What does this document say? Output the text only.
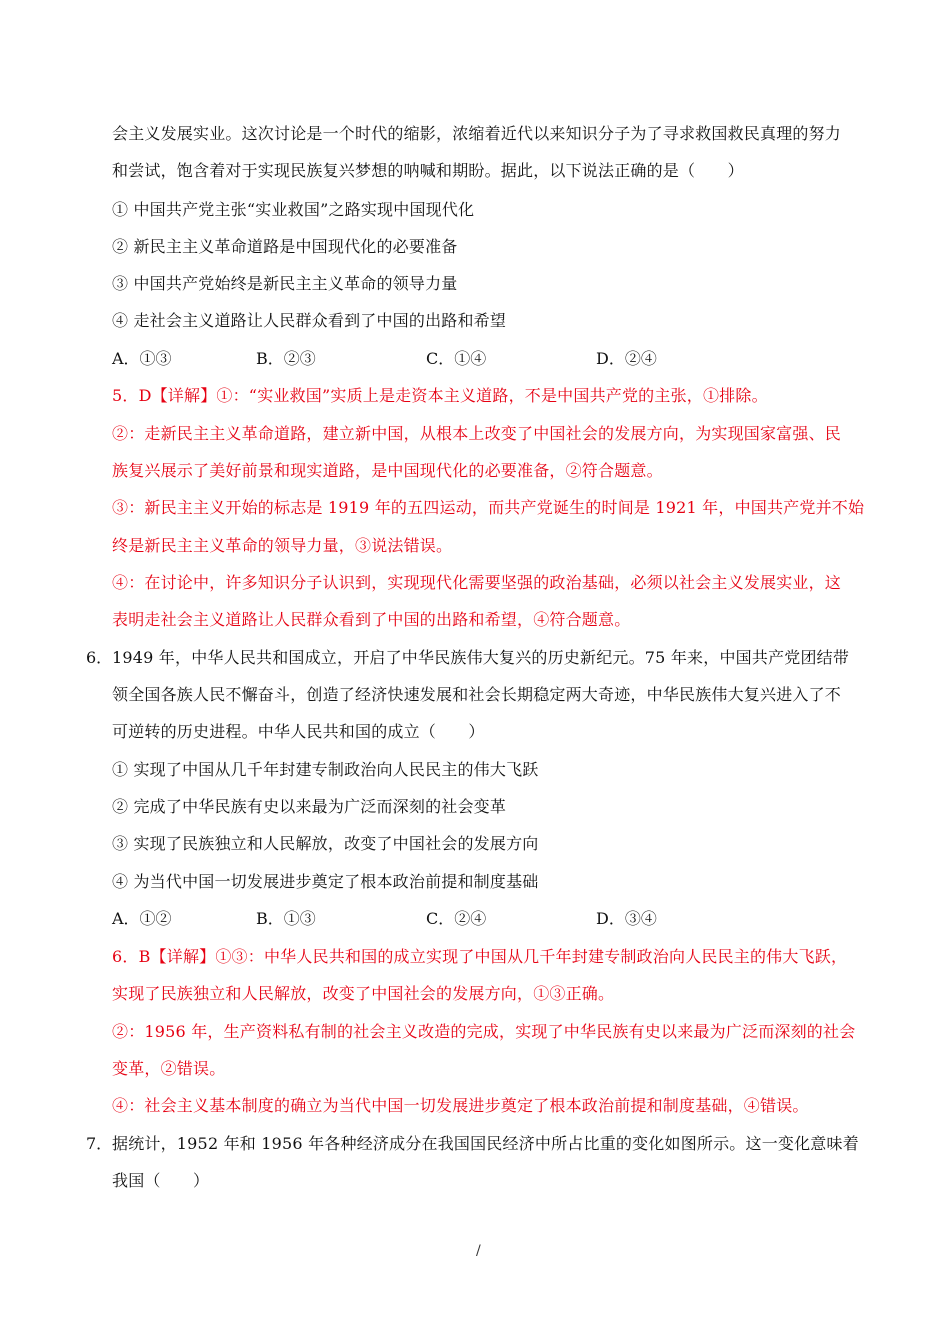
会主义发展实业。这次讨论是一个时代的缩影，浓缩着近代以来知识分子为了寻求救国救民真理的努力
和尝试，饱含着对于实现民族复兴梦想的呐喊和期盼。据此，以下说法正确的是（　　）
① 中国共产党主张“实业救国”之路实现中国现代化
② 新民主主义革命道路是中国现代化的必要准备
③ 中国共产党始终是新民主主义革命的领导力量
④ 走社会主义道路让人民群众看到了中国的出路和希望
A．①③	B．②③	C．①④	D．②④
5．D【详解】①：“实业救国”实质上是走资本主义道路，不是中国共产党的主张，①排除。
②：走新民主主义革命道路，建立新中国，从根本上改变了中国社会的发展方向，为实现国家富强、民
族复兴展示了美好前景和现实道路，是中国现代化的必要准备，②符合题意。
③：新民主主义开始的标志是 1919 年的五四运动，而共产党诞生的时间是 1921 年，中国共产党并不始
终是新民主主义革命的领导力量，③说法错误。
④：在讨论中，许多知识分子认识到，实现现代化需要坚强的政治基础，必须以社会主义发展实业，这
表明走社会主义道路让人民群众看到了中国的出路和希望，④符合题意。
6． 1949 年，中华人民共和国成立，开启了中华民族伟大复兴的历史新纪元。75 年来，中国共产党团结带
领全国各族人民不懈奋斗，创造了经济快速发展和社会长期稳定两大奇迹，中华民族伟大复兴进入了不
可逆转的历史进程。中华人民共和国的成立（　　）
① 实现了中国从几千年封建专制政治向人民民主的伟大飞跃
② 完成了中华民族有史以来最为广泛而深刻的社会变革
③ 实现了民族独立和人民解放，改变了中国社会的发展方向
④ 为当代中国一切发展进步奠定了根本政治前提和制度基础
A．①②	B．①③	C．②④	D．③④
6．B【详解】①③：中华人民共和国的成立实现了中国从几千年封建专制政治向人民民主的伟大飞跃，
实现了民族独立和人民解放，改变了中国社会的发展方向，①③正确。
②：1956 年，生产资料私有制的社会主义改造的完成，实现了中华民族有史以来最为广泛而深刻的社会
变革，②错误。
④：社会主义基本制度的确立为当代中国一切发展进步奠定了根本政治前提和制度基础，④错误。
7． 据统计，1952 年和 1956 年各种经济成分在我国国民经济中所占比重的变化如图所示。这一变化意味着
我国（　　）
/
